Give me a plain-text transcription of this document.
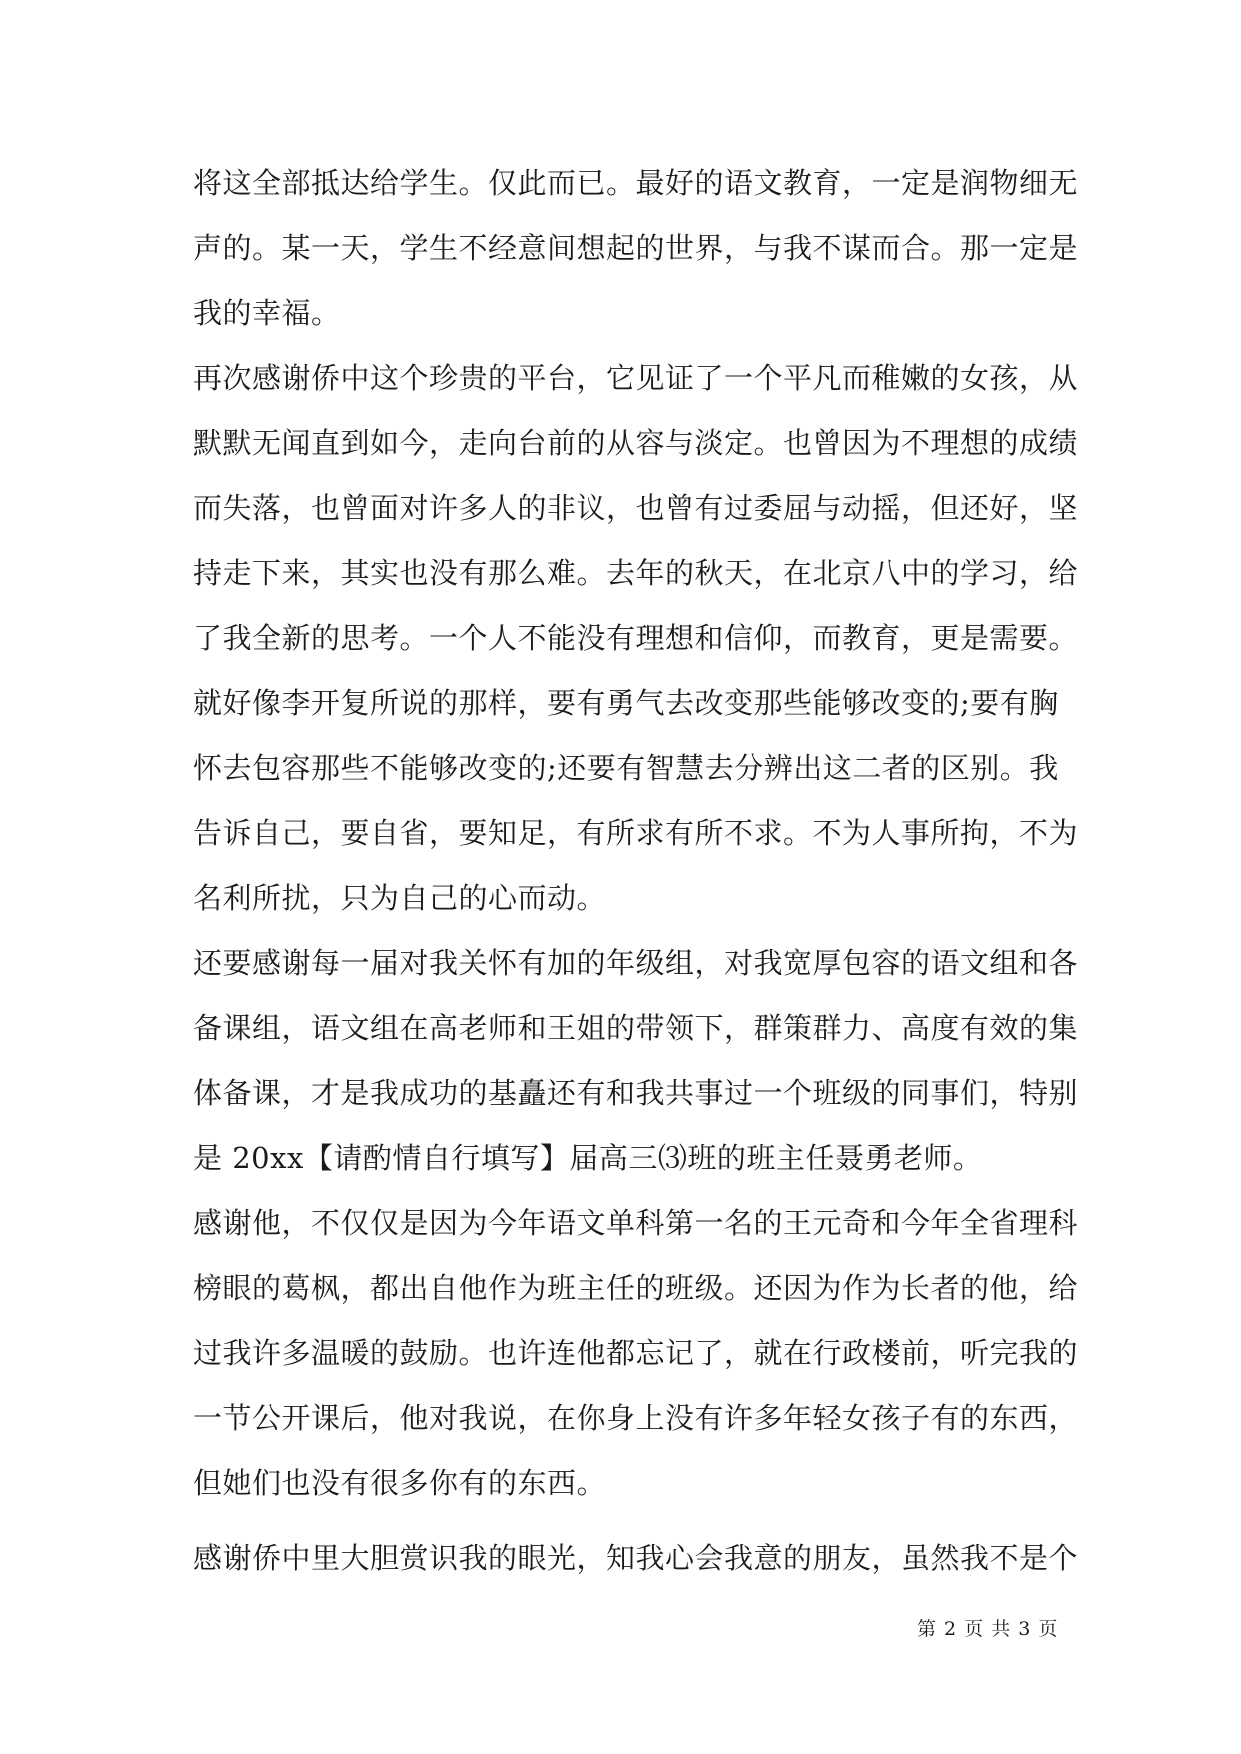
将这全部抵达给学生。仅此而已。最好的语文教育，一定是润物细无
声的。某一天，学生不经意间想起的世界，与我不谋而合。那一定是
我的幸福。
再次感谢侨中这个珍贵的平台，它见证了一个平凡而稚嫩的女孩，从
默默无闻直到如今，走向台前的从容与淡定。也曾因为不理想的成绩
而失落，也曾面对许多人的非议，也曾有过委屈与动摇，但还好，坚
持走下来，其实也没有那么难。去年的秋天，在北京八中的学习，给
了我全新的思考。一个人不能没有理想和信仰，而教育，更是需要。
就好像李开复所说的那样，要有勇气去改变那些能够改变的;要有胸
怀去包容那些不能够改变的;还要有智慧去分辨出这二者的区别。我
告诉自己，要自省，要知足，有所求有所不求。不为人事所拘，不为
名利所扰，只为自己的心而动。
还要感谢每一届对我关怀有加的年级组，对我宽厚包容的语文组和各
备课组，语文组在高老师和王姐的带领下，群策群力、高度有效的集
体备课，才是我成功的基矗还有和我共事过一个班级的同事们，特别
是 20xx【请酌情自行填写】届高三⑶班的班主任聂勇老师。
感谢他，不仅仅是因为今年语文单科第一名的王元奇和今年全省理科
榜眼的葛枫，都出自他作为班主任的班级。还因为作为长者的他，给
过我许多温暖的鼓励。也许连他都忘记了，就在行政楼前，听完我的
一节公开课后，他对我说，在你身上没有许多年轻女孩子有的东西，
但她们也没有很多你有的东西。
感谢侨中里大胆赏识我的眼光，知我心会我意的朋友，虽然我不是个
第 2 页 共 3 页
